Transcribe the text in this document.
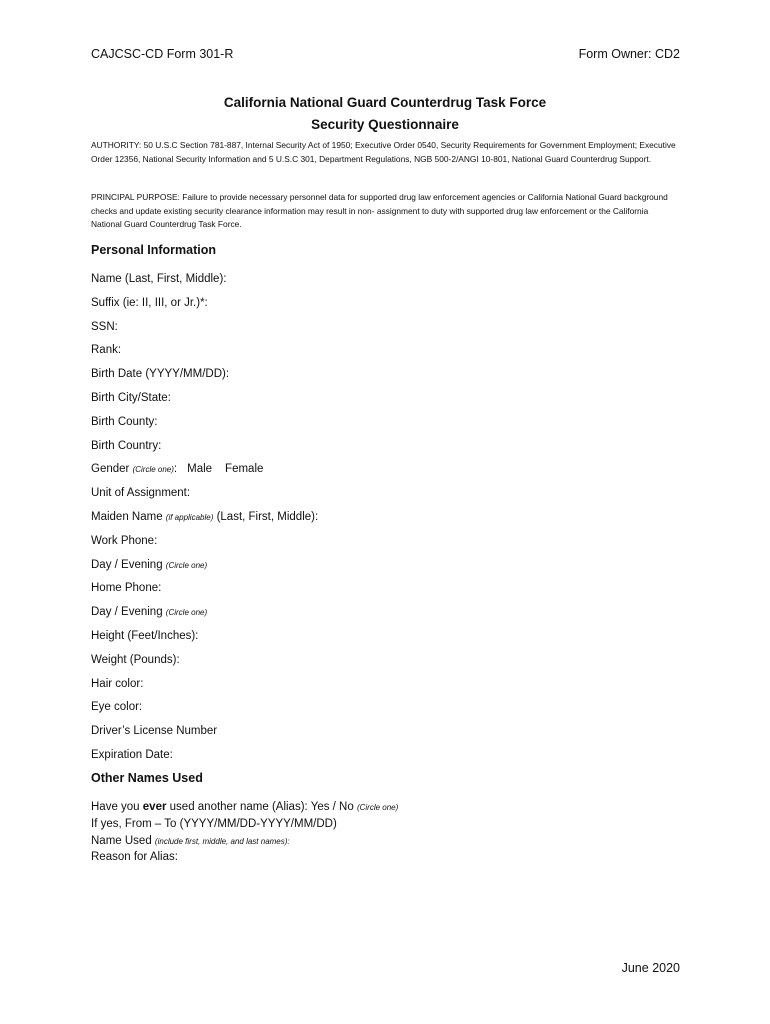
CAJCSC-CD Form 301-R	Form Owner: CD2
California National Guard Counterdrug Task Force
Security Questionnaire
AUTHORITY: 50 U.S.C Section 781-887, Internal Security Act of 1950; Executive Order 0540, Security Requirements for Government Employment; Executive Order 12356, National Security Information and 5 U.S.C 301, Department Regulations, NGB 500-2/ANGI 10-801, National Guard Counterdrug Support.
PRINCIPAL PURPOSE: Failure to provide necessary personnel data for supported drug law enforcement agencies or California National Guard background checks and update existing security clearance information may result in non- assignment to duty with supported drug law enforcement or the California National Guard Counterdrug Task Force.
Personal Information
Name (Last, First, Middle):
Suffix (ie: II, III, or Jr.)*:
SSN:
Rank:
Birth Date (YYYY/MM/DD):
Birth City/State:
Birth County:
Birth Country:
Gender (Circle one): Male Female
Unit of Assignment:
Maiden Name (if applicable) (Last, First, Middle):
Work Phone:
Day / Evening (Circle one)
Home Phone:
Day / Evening (Circle one)
Height (Feet/Inches):
Weight (Pounds):
Hair color:
Eye color:
Driver’s License Number
Expiration Date:
Other Names Used
Have you ever used another name (Alias): Yes / No (Circle one)
If yes, From – To (YYYY/MM/DD-YYYY/MM/DD)
Name Used (include first, middle, and last names):
Reason for Alias:
June 2020
